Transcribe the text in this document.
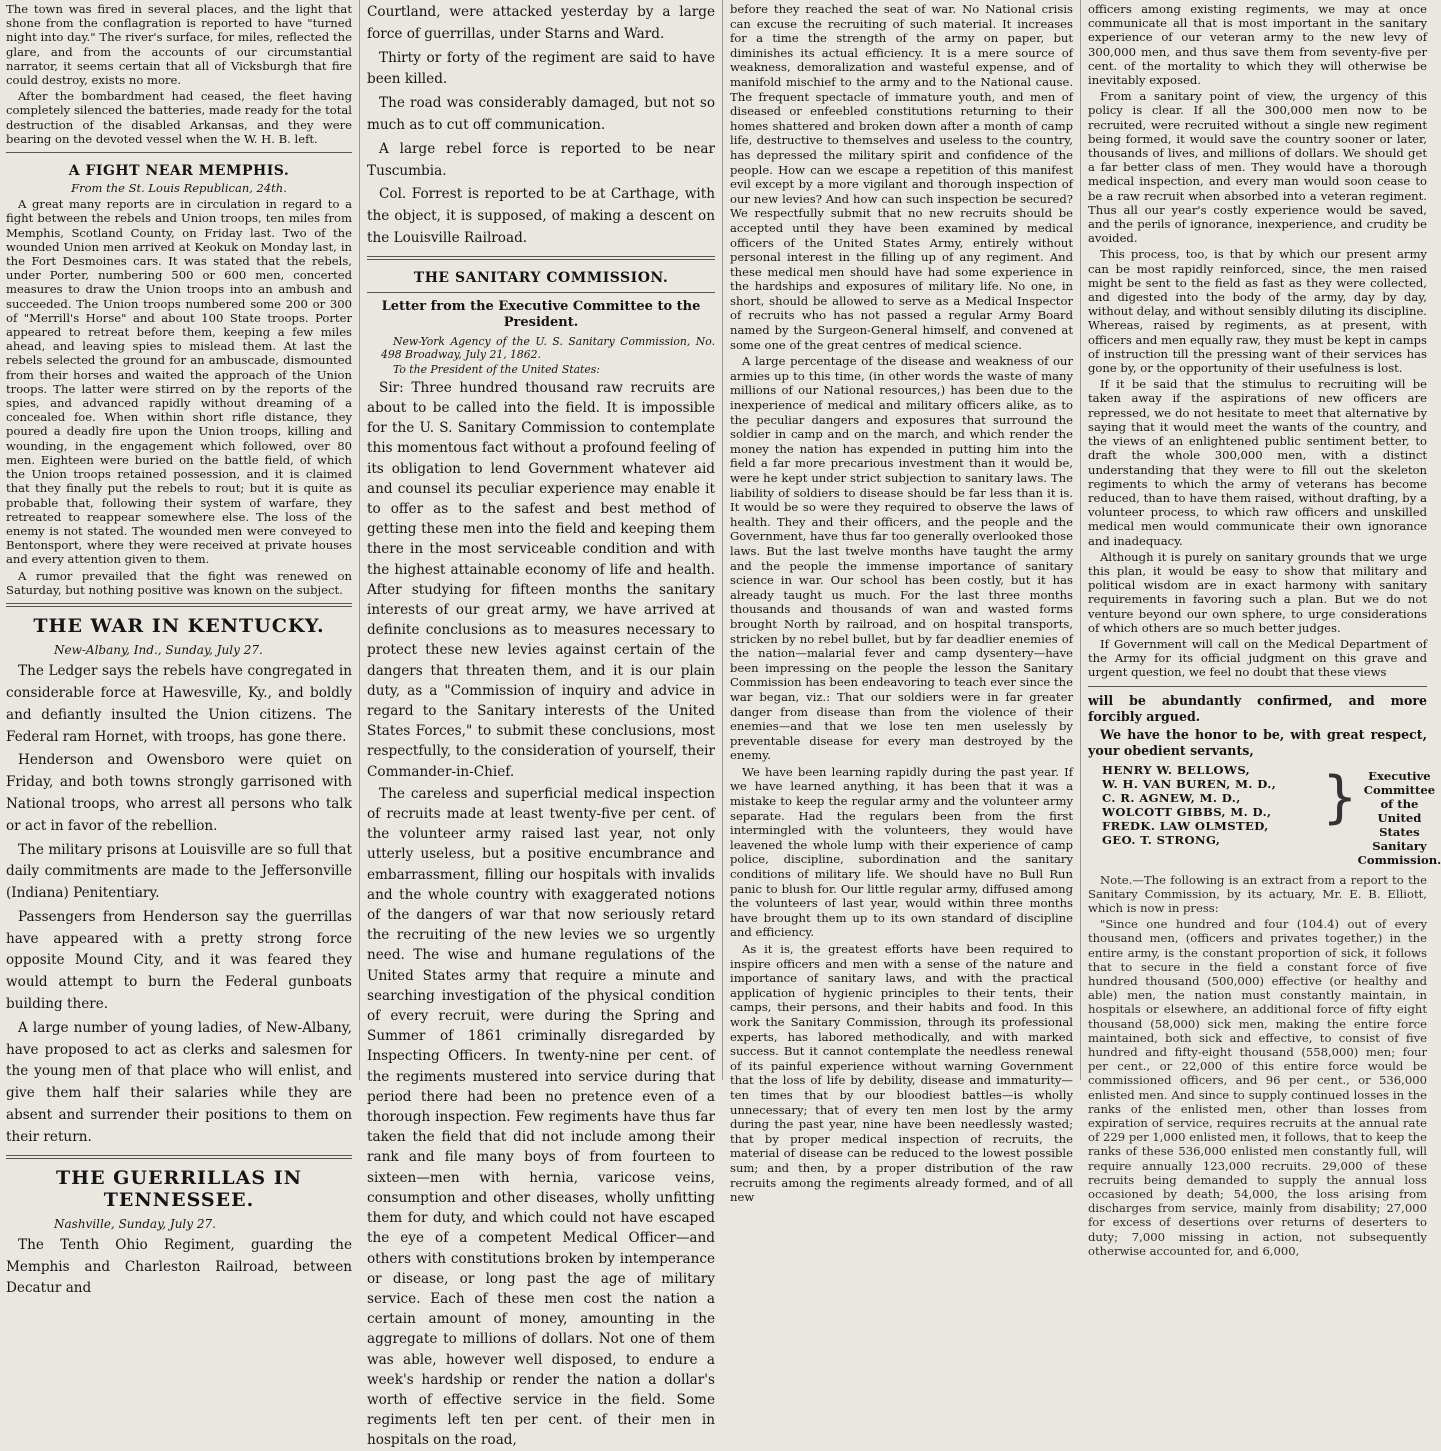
The town was fired in several places, and the light that shone from the conflagration is reported to have "turned night into day." The river's surface, for miles, reflected the glare, and from the accounts of our circumstantial narrator, it seems certain that all of Vicksburgh that fire could destroy, exists no more.

After the bombardment had ceased, the fleet having completely silenced the batteries, made ready for the total destruction of the disabled Arkansas, and they were bearing on the devoted vessel when the W. H. B. left.

A FIGHT NEAR MEMPHIS.
From the St. Louis Republican, 24th.

A great many reports are in circulation in regard to a fight between the rebels and Union troops, ten miles from Memphis, Scotland County, on Friday last. Two of the wounded Union men arrived at Keokuk on Monday last, in the Fort Desmoines cars. It was stated that the rebels, under Porter, numbering 500 or 600 men, concerted measures to draw the Union troops into an ambush and succeeded. The Union troops numbered some 200 or 300 of "Merrill's Horse" and about 100 State troops. Porter appeared to retreat before them, keeping a few miles ahead, and leaving spies to mislead them. At last the rebels selected the ground for an ambuscade, dismounted from their horses and waited the approach of the Union troops. The latter were stirred on by the reports of the spies, and advanced rapidly without dreaming of a concealed foe. When within short rifle distance, they poured a deadly fire upon the Union troops, killing and wounding, in the engagement which followed, over 80 men. Eighteen were buried on the battle field, of which the Union troops retained possession, and it is claimed that they finally put the rebels to rout; but it is quite as probable that, following their system of warfare, they retreated to reappear somewhere else. The loss of the enemy is not stated. The wounded men were conveyed to Bentonsport, where they were received at private houses and every attention given to them.

A rumor prevailed that the fight was renewed on Saturday, but nothing positive was known on the subject.

THE WAR IN KENTUCKY.

New-Albany, Ind., Sunday, July 27.

The Ledger says the rebels have congregated in considerable force at Hawesville, Ky., and boldly and defiantly insulted the Union citizens. The Federal ram Hornet, with troops, has gone there.

Henderson and Owensboro were quiet on Friday, and both towns strongly garrisoned with National troops, who arrest all persons who talk or act in favor of the rebellion.

The military prisons at Louisville are so full that daily commitments are made to the Jeffersonville (Indiana) Penitentiary.

Passengers from Henderson say the guerrillas have appeared with a pretty strong force opposite Mound City, and it was feared they would attempt to burn the Federal gunboats building there.

A large number of young ladies, of New-Albany, have proposed to act as clerks and salesmen for the young men of that place who will enlist, and give them half their salaries while they are absent and surrender their positions to them on their return.

THE GUERRILLAS IN TENNESSEE.

Nashville, Sunday, July 27.

The Tenth Ohio Regiment, guarding the Memphis and Charleston Railroad, between Decatur and

Courtland, were attacked yesterday by a large force of guerrillas, under Starns and Ward.

Thirty or forty of the regiment are said to have been killed.

The road was considerably damaged, but not so much as to cut off communication.

A large rebel force is reported to be near Tuscumbia.

Col. Forrest is reported to be at Carthage, with the object, it is supposed, of making a descent on the Louisville Railroad.

THE SANITARY COMMISSION.
Letter from the Executive Committee to the President.

New-York Agency of the U. S. Sanitary Commission, No. 498 Broadway, July 21, 1862.

To the President of the United States:

Sir: Three hundred thousand raw recruits are about to be called into the field. It is impossible for the U. S. Sanitary Commission to contemplate this momentous fact without a profound feeling of its obligation to lend Government whatever aid and counsel its peculiar experience may enable it to offer as to the safest and best method of getting these men into the field and keeping them there in the most serviceable condition and with the highest attainable economy of life and health. After studying for fifteen months the sanitary interests of our great army, we have arrived at definite conclusions as to measures necessary to protect these new levies against certain of the dangers that threaten them, and it is our plain duty, as a "Commission of inquiry and advice in regard to the Sanitary interests of the United States Forces," to submit these conclusions, most respectfully, to the consideration of yourself, their Commander-in-Chief.

The careless and superficial medical inspection of recruits made at least twenty-five per cent. of the volunteer army raised last year, not only utterly useless, but a positive encumbrance and embarrassment, filling our hospitals with invalids and the whole country with exaggerated notions of the dangers of war that now seriously retard the recruiting of the new levies we so urgently need. The wise and humane regulations of the United States army that require a minute and searching investigation of the physical condition of every recruit, were during the Spring and Summer of 1861 criminally disregarded by Inspecting Officers. In twenty-nine per cent. of the regiments mustered into service during that period there had been no pretence even of a thorough inspection. Few regiments have thus far taken the field that did not include among their rank and file many boys of from fourteen to sixteen—men with hernia, varicose veins, consumption and other diseases, wholly unfitting them for duty, and which could not have escaped the eye of a competent Medical Officer—and others with constitutions broken by intemperance or disease, or long past the age of military service. Each of these men cost the nation a certain amount of money, amounting in the aggregate to millions of dollars. Not one of them was able, however well disposed, to endure a week's hardship or render the nation a dollar's worth of effective service in the field. Some regiments left ten per cent. of their men in hospitals on the road,

before they reached the seat of war. No National crisis can excuse the recruiting of such material. It increases for a time the strength of the army on paper, but diminishes its actual efficiency. It is a mere source of weakness, demoralization and wasteful expense, and of manifold mischief to the army and to the National cause. The frequent spectacle of immature youth, and men of diseased or enfeebled constitutions returning to their homes shattered and broken down after a month of camp life, destructive to themselves and useless to the country, has depressed the military spirit and confidence of the people. How can we escape a repetition of this manifest evil except by a more vigilant and thorough inspection of our new levies? And how can such inspection be secured? We respectfully submit that no new recruits should be accepted until they have been examined by medical officers of the United States Army, entirely without personal interest in the filling up of any regiment. And these medical men should have had some experience in the hardships and exposures of military life. No one, in short, should be allowed to serve as a Medical Inspector of recruits who has not passed a regular Army Board named by the Surgeon-General himself, and convened at some one of the great centres of medical science.

A large percentage of the disease and weakness of our armies up to this time, (in other words the waste of many millions of our National resources,) has been due to the inexperience of medical and military officers alike, as to the peculiar dangers and exposures that surround the soldier in camp and on the march, and which render the money the nation has expended in putting him into the field a far more precarious investment than it would be, were he kept under strict subjection to sanitary laws. The liability of soldiers to disease should be far less than it is. It would be so were they required to observe the laws of health. They and their officers, and the people and the Government, have thus far too generally overlooked those laws. But the last twelve months have taught the army and the people the immense importance of sanitary science in war. Our school has been costly, but it has already taught us much. For the last three months thousands and thousands of wan and wasted forms brought North by railroad, and on hospital transports, stricken by no rebel bullet, but by far deadlier enemies of the nation—malarial fever and camp dysentery—have been impressing on the people the lesson the Sanitary Commission has been endeavoring to teach ever since the war began, viz.: That our soldiers were in far greater danger from disease than from the violence of their enemies—and that we lose ten men uselessly by preventable disease for every man destroyed by the enemy.

We have been learning rapidly during the past year. If we have learned anything, it has been that it was a mistake to keep the regular army and the volunteer army separate. Had the regulars been from the first intermingled with the volunteers, they would have leavened the whole lump with their experience of camp police, discipline, subordination and the sanitary conditions of military life. We should have no Bull Run panic to blush for. Our little regular army, diffused among the volunteers of last year, would within three months have brought them up to its own standard of discipline and efficiency.

As it is, the greatest efforts have been required to inspire officers and men with a sense of the nature and importance of sanitary laws, and with the practical application of hygienic principles to their tents, their camps, their persons, and their habits and food. In this work the Sanitary Commission, through its professional experts, has labored methodically, and with marked success. But it cannot contemplate the needless renewal of its painful experience without warning Government that the loss of life by debility, disease and immaturity—ten times that by our bloodiest battles—is wholly unnecessary; that of every ten men lost by the army during the past year, nine have been needlessly wasted; that by proper medical inspection of recruits, the material of disease can be reduced to the lowest possible sum; and then, by a proper distribution of the raw recruits among the regiments already formed, and of all new

officers among existing regiments, we may at once communicate all that is most important in the sanitary experience of our veteran army to the new levy of 300,000 men, and thus save them from seventy-five per cent. of the mortality to which they will otherwise be inevitably exposed.

From a sanitary point of view, the urgency of this policy is clear. If all the 300,000 men now to be recruited, were recruited without a single new regiment being formed, it would save the country sooner or later, thousands of lives, and millions of dollars. We should get a far better class of men. They would have a thorough medical inspection, and every man would soon cease to be a raw recruit when absorbed into a veteran regiment. Thus all our year's costly experience would be saved, and the perils of ignorance, inexperience, and crudity be avoided.

This process, too, is that by which our present army can be most rapidly reinforced, since, the men raised might be sent to the field as fast as they were collected, and digested into the body of the army, day by day, without delay, and without sensibly diluting its discipline. Whereas, raised by regiments, as at present, with officers and men equally raw, they must be kept in camps of instruction till the pressing want of their services has gone by, or the opportunity of their usefulness is lost.

If it be said that the stimulus to recruiting will be taken away if the aspirations of new officers are repressed, we do not hesitate to meet that alternative by saying that it would meet the wants of the country, and the views of an enlightened public sentiment better, to draft the whole 300,000 men, with a distinct understanding that they were to fill out the skeleton regiments to which the army of veterans has become reduced, than to have them raised, without drafting, by a volunteer process, to which raw officers and unskilled medical men would communicate their own ignorance and inadequacy.

Although it is purely on sanitary grounds that we urge this plan, it would be easy to show that military and political wisdom are in exact harmony with sanitary requirements in favoring such a plan. But we do not venture beyond our own sphere, to urge considerations of which others are so much better judges.

If Government will call on the Medical Department of the Army for its official judgment on this grave and urgent question, we feel no doubt that these views

will be abundantly confirmed, and more forcibly argued.

We have the honor to be, with great respect, your obedient servants,

HENRY W. BELLOWS,
W. H. VAN BUREN, M. D.,
C. R. AGNEW, M. D.,
WOLCOTT GIBBS, M. D.,
FREDK. LAW OLMSTED,
GEO. T. STRONG,
} Executive Committee of the United States Sanitary Commission.

Note.—The following is an extract from a report to the Sanitary Commission, by its actuary, Mr. E. B. Elliott, which is now in press:

"Since one hundred and four (104.4) out of every thousand men, (officers and privates together,) in the entire army, is the constant proportion of sick, it follows that to secure in the field a constant force of five hundred thousand (500,000) effective (or healthy and able) men, the nation must constantly maintain, in hospitals or elsewhere, an additional force of fifty eight thousand (58,000) sick men, making the entire force maintained, both sick and effective, to consist of five hundred and fifty-eight thousand (558,000) men; four per cent., or 22,000 of this entire force would be commissioned officers, and 96 per cent., or 536,000 enlisted men. And since to supply continued losses in the ranks of the enlisted men, other than losses from expiration of service, requires recruits at the annual rate of 229 per 1,000 enlisted men, it follows, that to keep the ranks of these 536,000 enlisted men constantly full, will require annually 123,000 recruits. 29,000 of these recruits being demanded to supply the annual loss occasioned by death; 54,000, the loss arising from discharges from service, mainly from disability; 27,000 for excess of desertions over returns of deserters to duty; 7,000 missing in action, not subsequently otherwise accounted for, and 6,000,
